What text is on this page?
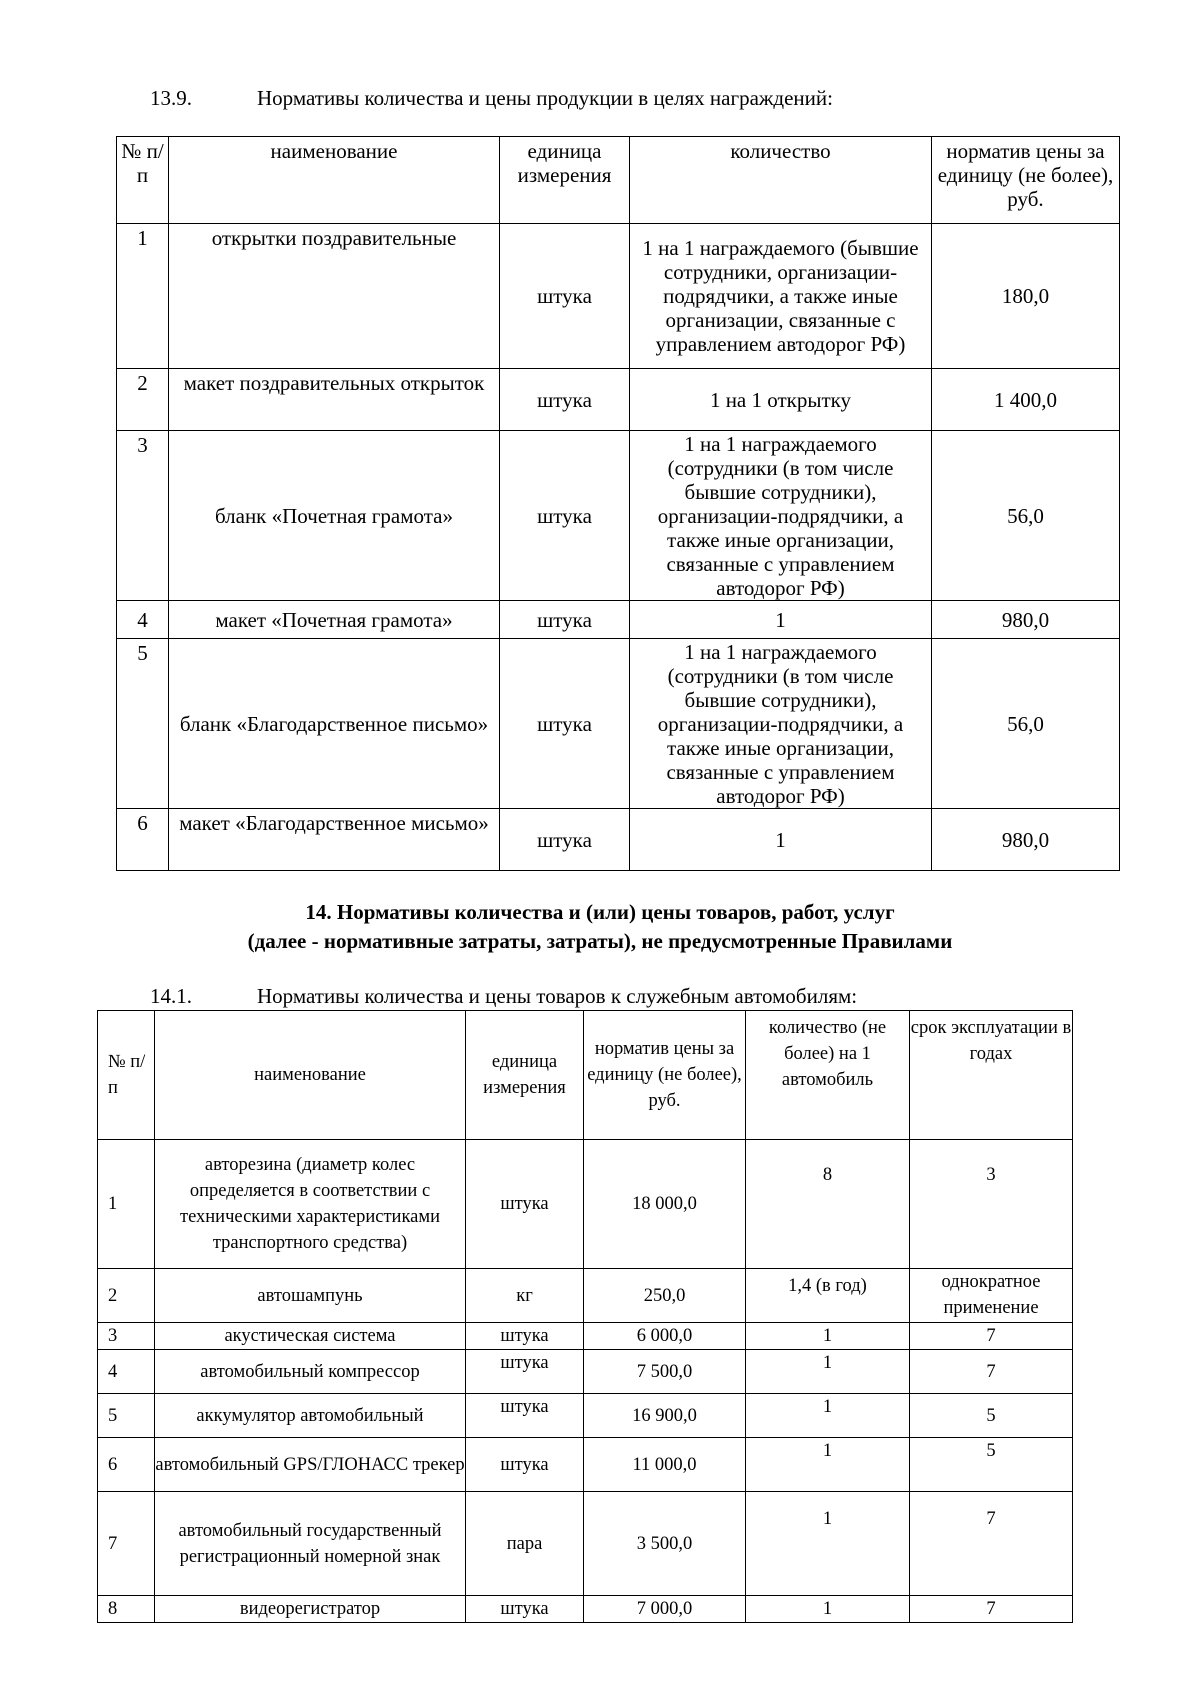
13.9.	Нормативы количества и цены продукции в целях награждений:
№ п/п	наименование	единица измерения	количество	норматив цены за единицу (не более), руб.
1	открытки поздравительные	штука	1 на 1 награждаемого (бывшие сотрудники, организации-подрядчики, а также иные организации, связанные с управлением автодорог РФ)	180,0
2	макет поздравительных открыток	штука	1 на 1 открытку	1 400,0
3	бланк «Почетная грамота»	штука	1 на 1 награждаемого (сотрудники (в том числе бывшие сотрудники), организации-подрядчики, а также иные организации, связанные с управлением автодорог РФ)	56,0
4	макет «Почетная грамота»	штука	1	980,0
5	бланк «Благодарственное письмо»	штука	1 на 1 награждаемого (сотрудники (в том числе бывшие сотрудники), организации-подрядчики, а также иные организации, связанные с управлением автодорог РФ)	56,0
6	макет «Благодарственное мисьмо»	штука	1	980,0
14. Нормативы количества и (или) цены товаров, работ, услуг
(далее - нормативные затраты, затраты), не предусмотренные Правилами
14.1.	Нормативы количества и цены товаров к служебным автомобилям:
№ п/п	наименование	единица измерения	норматив цены за единицу (не более), руб.	количество (не более) на 1 автомобиль	срок эксплуатации в годах
1	авторезина (диаметр колес определяется в соответствии с техническими характеристиками транспортного средства)	штука	18 000,0	8	3
2	автошампунь	кг	250,0	1,4 (в год)	однократное применение
3	акустическая система	штука	6 000,0	1	7
4	автомобильный компрессор	штука	7 500,0	1	7
5	аккумулятор автомобильный	штука	16 900,0	1	5
6	автомобильный GPS/ГЛОНАСС трекер	штука	11 000,0	1	5
7	автомобильный государственный регистрационный номерной знак	пара	3 500,0	1	7
8	видеорегистратор	штука	7 000,0	1	7
